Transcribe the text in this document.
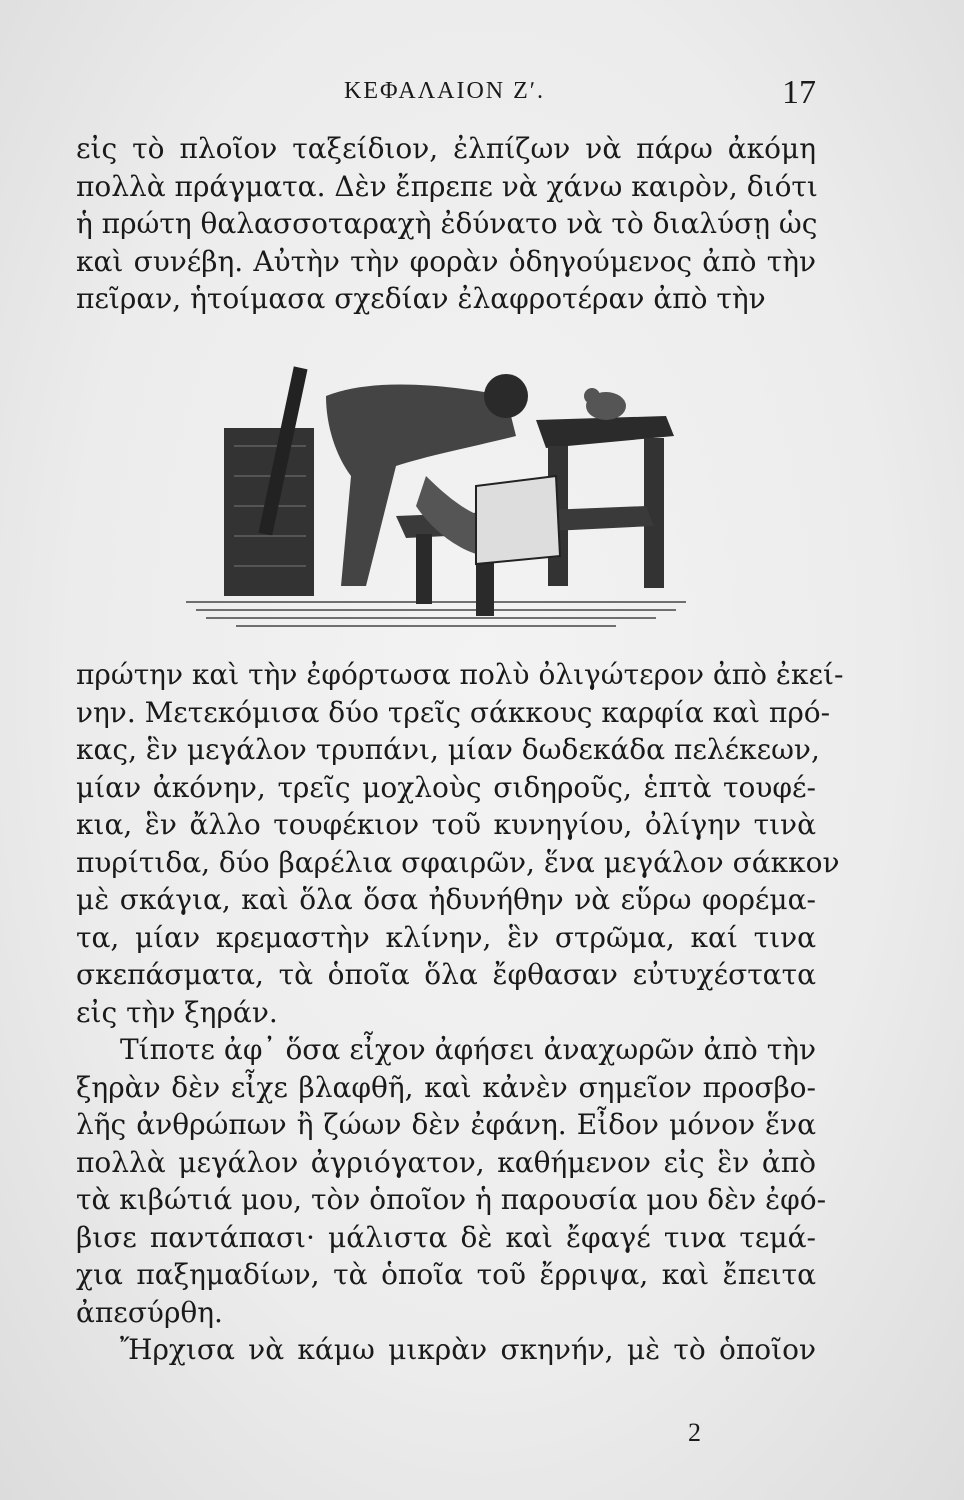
ΚΕΦΑΛΑΙΟΝ Ζʹ.	17
εἰς τὸ πλοῖον ταξείδιον, ἐλπίζων νὰ πάρω ἀκόμη
πολλὰ πράγματα. Δὲν ἔπρεπε νὰ χάνω καιρὸν, διότι
ἡ πρώτη θαλασσοταραχὴ ἐδύνατο νὰ τὸ διαλύσῃ ὡς
καὶ συνέβη. Αὐτὴν τὴν φορὰν ὁδηγούμενος ἀπὸ τὴν
πεῖραν, ἡτοίμασα σχεδίαν ἐλαφροτέραν ἀπὸ τὴν
πρώτην καὶ τὴν ἐφόρτωσα πολὺ ὀλιγώτερον ἀπὸ ἐκεί-
νην. Μετεκόμισα δύο τρεῖς σάκκους καρφία καὶ πρό-
κας, ἓν μεγάλον τρυπάνι, μίαν δωδεκάδα πελέκεων,
μίαν ἀκόνην, τρεῖς μοχλοὺς σιδηροῦς, ἑπτὰ τουφέ-
κια, ἓν ἄλλο τουφέκιον τοῦ κυνηγίου, ὀλίγην τινὰ
πυρίτιδα, δύο βαρέλια σφαιρῶν, ἕνα μεγάλον σάκκον
μὲ σκάγια, καὶ ὅλα ὅσα ἠδυνήθην νὰ εὕρω φορέμα-
τα, μίαν κρεμαστὴν κλίνην, ἓν στρῶμα, καί τινα
σκεπάσματα, τὰ ὁποῖα ὅλα ἔφθασαν εὐτυχέστατα
εἰς τὴν ξηράν.
Τίποτε ἀφ᾽ ὅσα εἶχον ἀφήσει ἀναχωρῶν ἀπὸ τὴν
ξηρὰν δὲν εἶχε βλαφθῆ, καὶ κἀνὲν σημεῖον προσβο-
λῆς ἀνθρώπων ἢ ζώων δὲν ἐφάνη. Εἶδον μόνον ἕνα
πολλὰ μεγάλον ἀγριόγατον, καθήμενον εἰς ἓν ἀπὸ
τὰ κιβώτιά μου, τὸν ὁποῖον ἡ παρουσία μου δὲν ἐφό-
βισε παντάπασι· μάλιστα δὲ καὶ ἔφαγέ τινα τεμά-
χια παξημαδίων, τὰ ὁποῖα τοῦ ἔρριψα, καὶ ἔπειτα
ἀπεσύρθη.
Ἤρχισα νὰ κάμω μικρὰν σκηνήν, μὲ τὸ ὁποῖον
2
